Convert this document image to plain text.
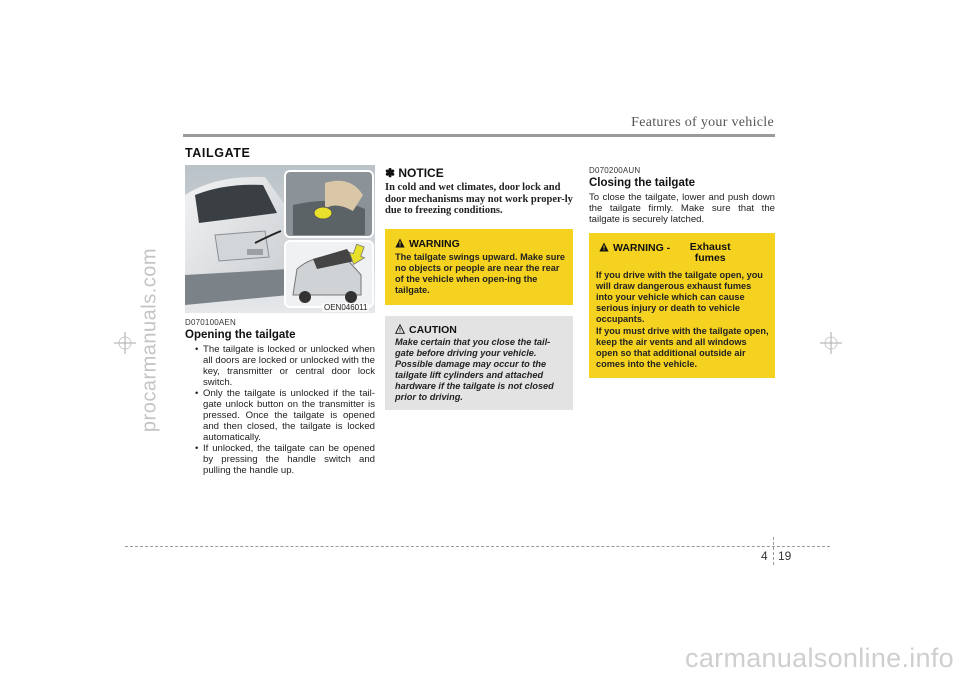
procarmanuals.com
carmanualsonline.info
Features of your vehicle
TAILGATE
OEN046011
D070100AEN
Opening the tailgate
• The tailgate is locked or unlocked when all doors are locked or unlocked with the key, transmitter or central door lock switch.
• Only the tailgate is unlocked if the tail-gate unlock button on the transmitter is pressed. Once the tailgate is opened and then closed, the tailgate is locked automatically.
• If unlocked, the tailgate can be opened by pressing the handle switch and pulling the handle up.
✽ NOTICE
In cold and wet climates, door lock and door mechanisms may not work proper-ly due to freezing conditions.
WARNING
The tailgate swings upward. Make sure no objects or people are near the rear of the vehicle when open-ing the tailgate.
CAUTION
Make certain that you close the tail-gate before driving your vehicle. Possible damage may occur to the tailgate lift cylinders and attached hardware if the tailgate is not closed prior to driving.
D070200AUN
Closing the tailgate
To close the tailgate, lower and push down the tailgate firmly. Make sure that the tailgate is securely latched.
WARNING -	Exhaust fumes
If you drive with the tailgate open, you will draw dangerous exhaust fumes into your vehicle which can cause serious injury or death to vehicle occupants.
If you must drive with the tailgate open, keep the air vents and all windows open so that additional outside air comes into the vehicle.
4 19
